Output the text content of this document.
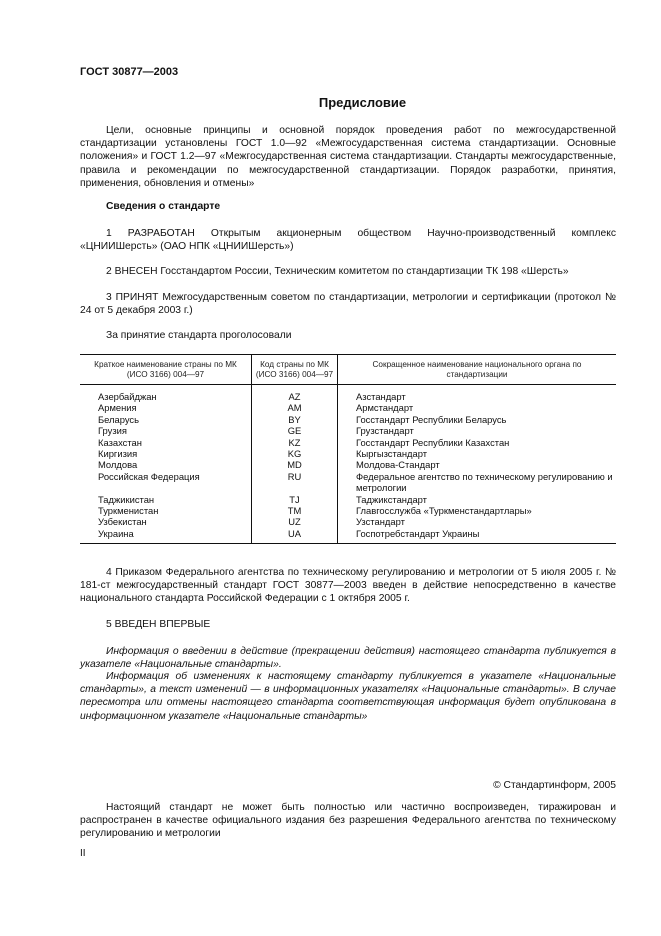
ГОСТ 30877—2003
Предисловие
Цели, основные принципы и основной порядок проведения работ по межгосударственной стандартизации установлены ГОСТ 1.0—92 «Межгосударственная система стандартизации. Основные положения» и ГОСТ 1.2—97 «Межгосударственная система стандартизации. Стандарты межгосударственные, правила и рекомендации по межгосударственной стандартизации. Порядок разработки, принятия, применения, обновления и отмены»
Сведения о стандарте
1 РАЗРАБОТАН Открытым акционерным обществом Научно-производственный комплекс «ЦНИИШерсть» (ОАО НПК «ЦНИИШерсть»)
2 ВНЕСЕН Госстандартом России, Техническим комитетом по стандартизации ТК 198 «Шерсть»
3 ПРИНЯТ Межгосударственным советом по стандартизации, метрологии и сертификации (протокол № 24 от 5 декабря 2003 г.)
За принятие стандарта проголосовали
Краткое наименование страны по МК (ИСО 3166) 004—97	Код страны по МК (ИСО 3166) 004—97	Сокращенное наименование национального органа по стандартизации
Азербайджан	AZ	Азстандарт
Армения	AM	Армстандарт
Беларусь	BY	Госстандарт Республики Беларусь
Грузия	GE	Грузстандарт
Казахстан	KZ	Госстандарт Республики Казахстан
Киргизия	KG	Кыргызстандарт
Молдова	MD	Молдова-Стандарт
Российская Федерация	RU	Федеральное агентство по техническому регулированию и метрологии
Таджикистан	TJ	Таджикстандарт
Туркменистан	TM	Главгосслужба «Туркменстандартлары»
Узбекистан	UZ	Узстандарт
Украина	UA	Госпотребстандарт Украины
4 Приказом Федерального агентства по техническому регулированию и метрологии от 5 июля 2005 г. № 181-ст межгосударственный стандарт ГОСТ 30877—2003 введен в действие непосредственно в качестве национального стандарта Российской Федерации с 1 октября 2005 г.
5 ВВЕДЕН ВПЕРВЫЕ
Информация о введении в действие (прекращении действия) настоящего стандарта публикуется в указателе «Национальные стандарты».
Информация об изменениях к настоящему стандарту публикуется в указателе «Национальные стандарты», а текст изменений — в информационных указателях «Национальные стандарты». В случае пересмотра или отмены настоящего стандарта соответствующая информация будет опубликована в информационном указателе «Национальные стандарты»
© Стандартинформ, 2005
Настоящий стандарт не может быть полностью или частично воспроизведен, тиражирован и распространен в качестве официального издания без разрешения Федерального агентства по техническому регулированию и метрологии
II
